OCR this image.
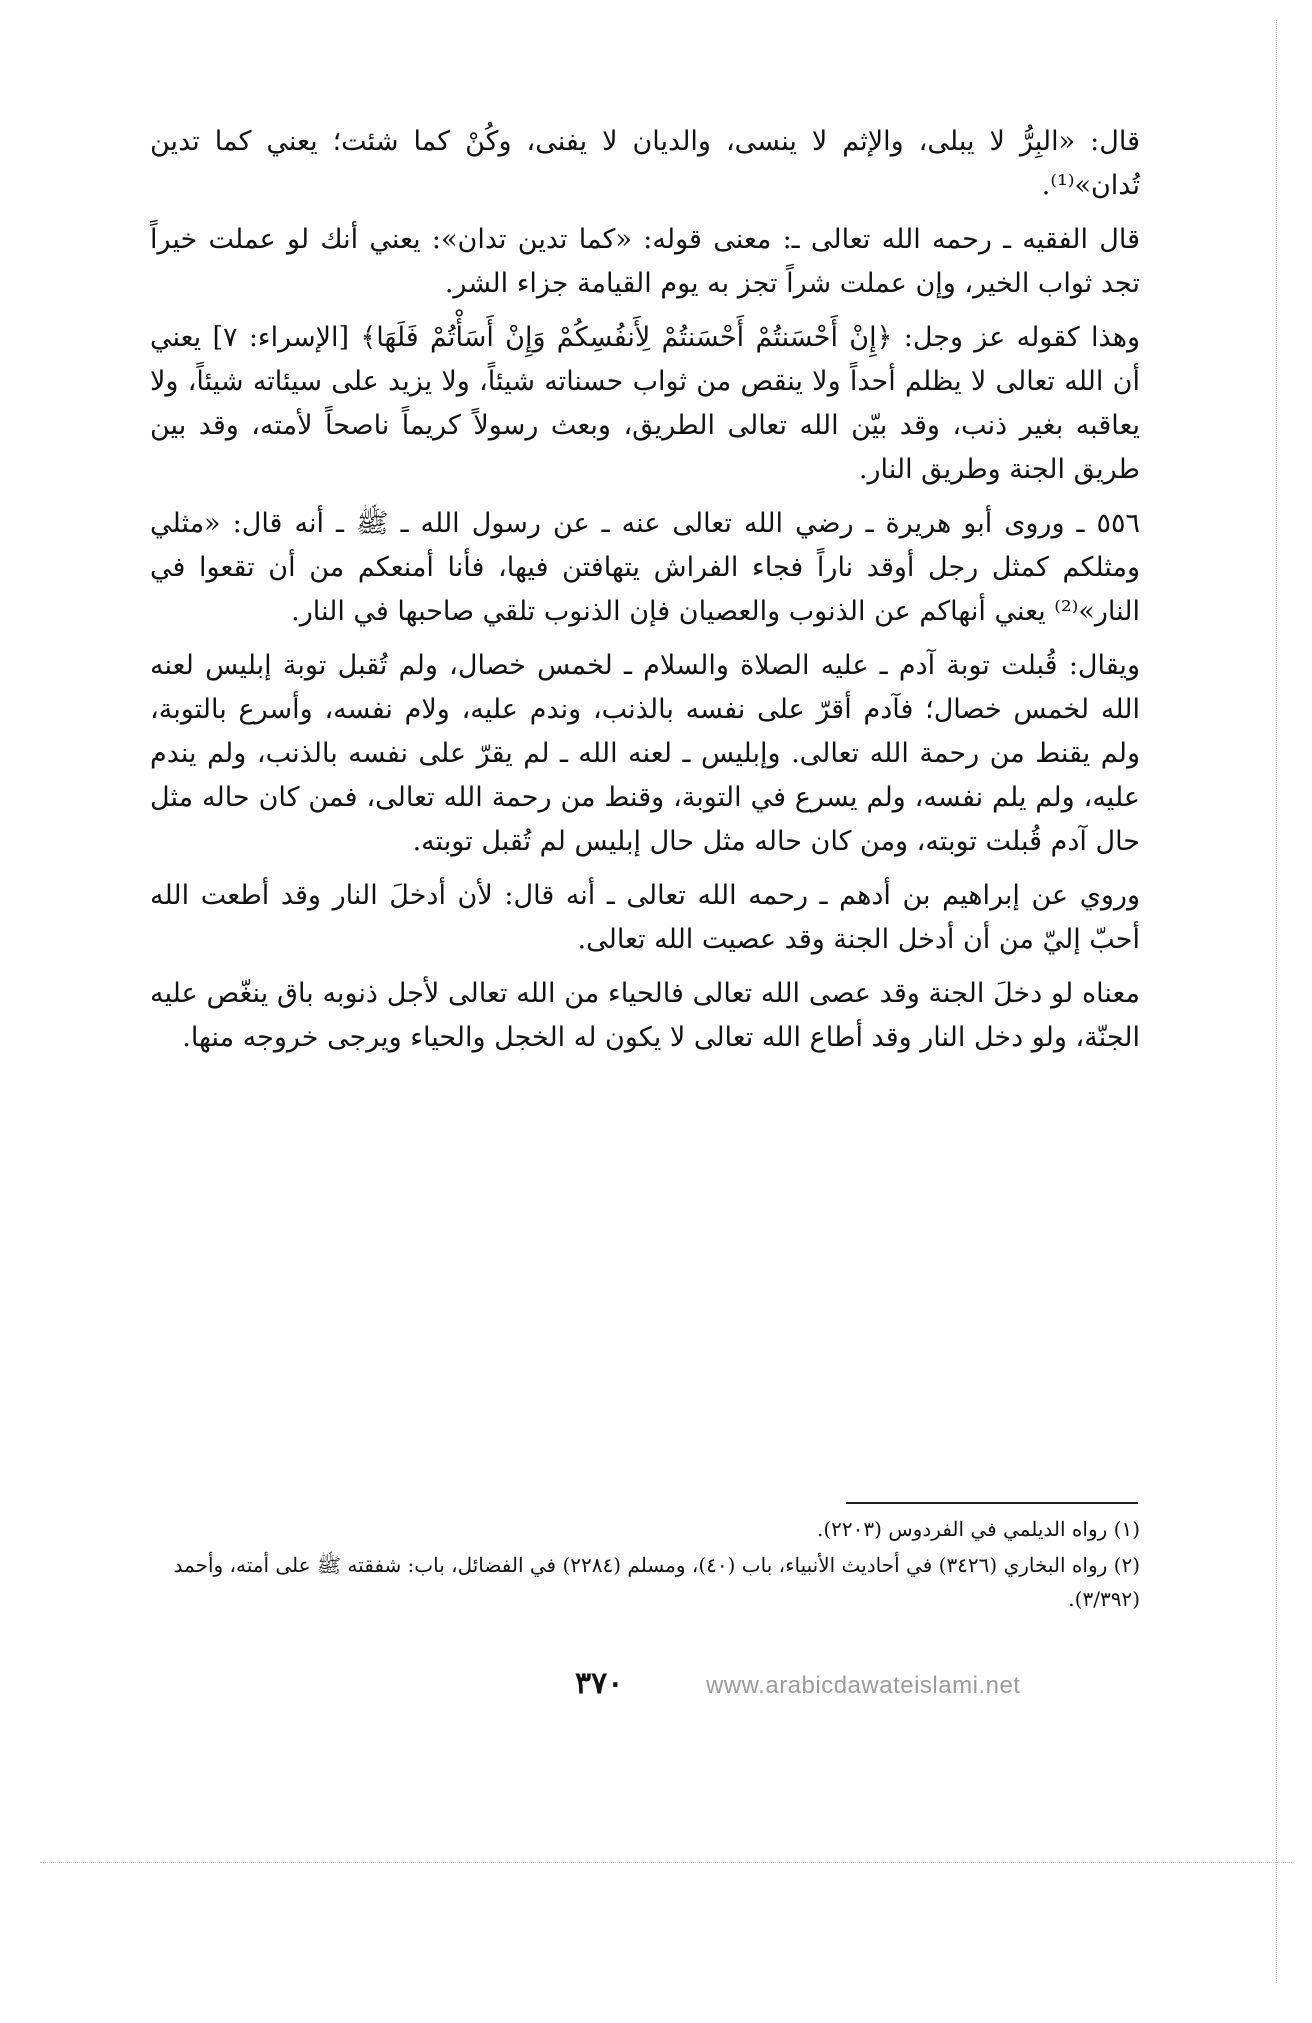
قال: «البِرُّ لا يبلى، والإثم لا ينسى، والديان لا يفنى، وكُنْ كما شئت؛ يعني كما تدين تُدان»⁽¹⁾.

قال الفقيه ـ رحمه الله تعالى ـ: معنى قوله: «كما تدين تدان»: يعني أنك لو عملت خيراً تجد ثواب الخير، وإن عملت شراً تجز به يوم القيامة جزاء الشر.

وهذا كقوله عز وجل: ﴿إِنْ أَحْسَنتُمْ أَحْسَنتُمْ لِأَنفُسِكُمْ وَإِنْ أَسَأْتُمْ فَلَهَا﴾ [الإسراء: ٧] يعني أن الله تعالى لا يظلم أحداً ولا ينقص من ثواب حسناته شيئاً، ولا يزيد على سيئاته شيئاً، ولا يعاقبه بغير ذنب، وقد بيّن الله تعالى الطريق، وبعث رسولاً كريماً ناصحاً لأمته، وقد بين طريق الجنة وطريق النار.

٥٥٦ ـ وروى أبو هريرة ـ رضي الله تعالى عنه ـ عن رسول الله ـ ﷺ ـ أنه قال: «مثلي ومثلكم كمثل رجل أوقد ناراً فجاء الفراش يتهافتن فيها، فأنا أمنعكم من أن تقعوا في النار»⁽²⁾ يعني أنهاكم عن الذنوب والعصيان فإن الذنوب تلقي صاحبها في النار.

ويقال: قُبلت توبة آدم ـ عليه الصلاة والسلام ـ لخمس خصال، ولم تُقبل توبة إبليس لعنه الله لخمس خصال؛ فآدم أقرّ على نفسه بالذنب، وندم عليه، ولام نفسه، وأسرع بالتوبة، ولم يقنط من رحمة الله تعالى. وإبليس ـ لعنه الله ـ لم يقرّ على نفسه بالذنب، ولم يندم عليه، ولم يلم نفسه، ولم يسرع في التوبة، وقنط من رحمة الله تعالى، فمن كان حاله مثل حال آدم قُبلت توبته، ومن كان حاله مثل حال إبليس لم تُقبل توبته.

وروي عن إبراهيم بن أدهم ـ رحمه الله تعالى ـ أنه قال: لأن أدخلَ النار وقد أطعت الله أحبّ إليّ من أن أدخل الجنة وقد عصيت الله تعالى.

معناه لو دخلَ الجنة وقد عصى الله تعالى فالحياء من الله تعالى لأجل ذنوبه باق ينغّص عليه الجنّة، ولو دخل النار وقد أطاع الله تعالى لا يكون له الخجل والحياء ويرجى خروجه منها.

(١) رواه الديلمي في الفردوس (٢٢٠٣).

(٢) رواه البخاري (٣٤٢٦) في أحاديث الأنبياء، باب (٤٠)، ومسلم (٢٢٨٤) في الفضائل، باب: شفقته ﷺ على أمته، وأحمد (٣/٣٩٢).

٣٧٠	www.arabicdawateislami.net
